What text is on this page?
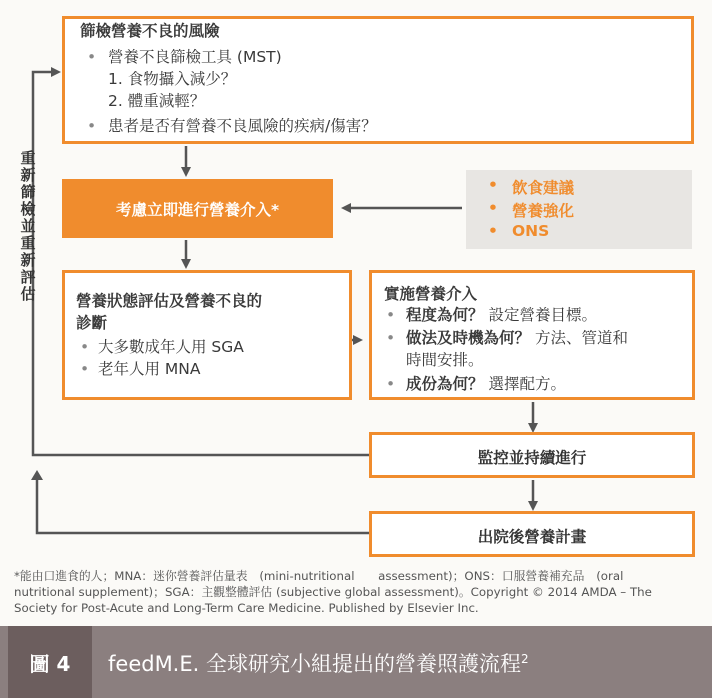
重新篩檢並重新評估
篩檢營養不良的風險
• 營養不良篩檢工具 (MST)
1. 食物攝入減少？
2. 體重減輕？
• 患者是否有營養不良風險的疾病/傷害？
考慮立即進行營養介入*
• 飲食建議
• 營養強化
• ONS
營養狀態評估及營養不良的
診斷
• 大多數成年人用 SGA
• 老年人用 MNA
實施營養介入
• 程度為何？ 設定營養目標。
• 做法及時機為何？ 方法、管道和
時間安排。
• 成份為何？ 選擇配方。
監控並持續進行
出院後營養計畫
*能由口進食的人；MNA：迷你營養評估量表　(mini-nutritional　　assessment)；ONS：口服營養補充品　(oral
nutritional supplement)；SGA：主觀整體評估 (subjective global assessment)。Copyright © 2014 AMDA – The
Society for Post-Acute and Long-Term Care Medicine. Published by Elsevier Inc.
圖 4	feedM.E. 全球研究小組提出的營養照護流程$^2$
